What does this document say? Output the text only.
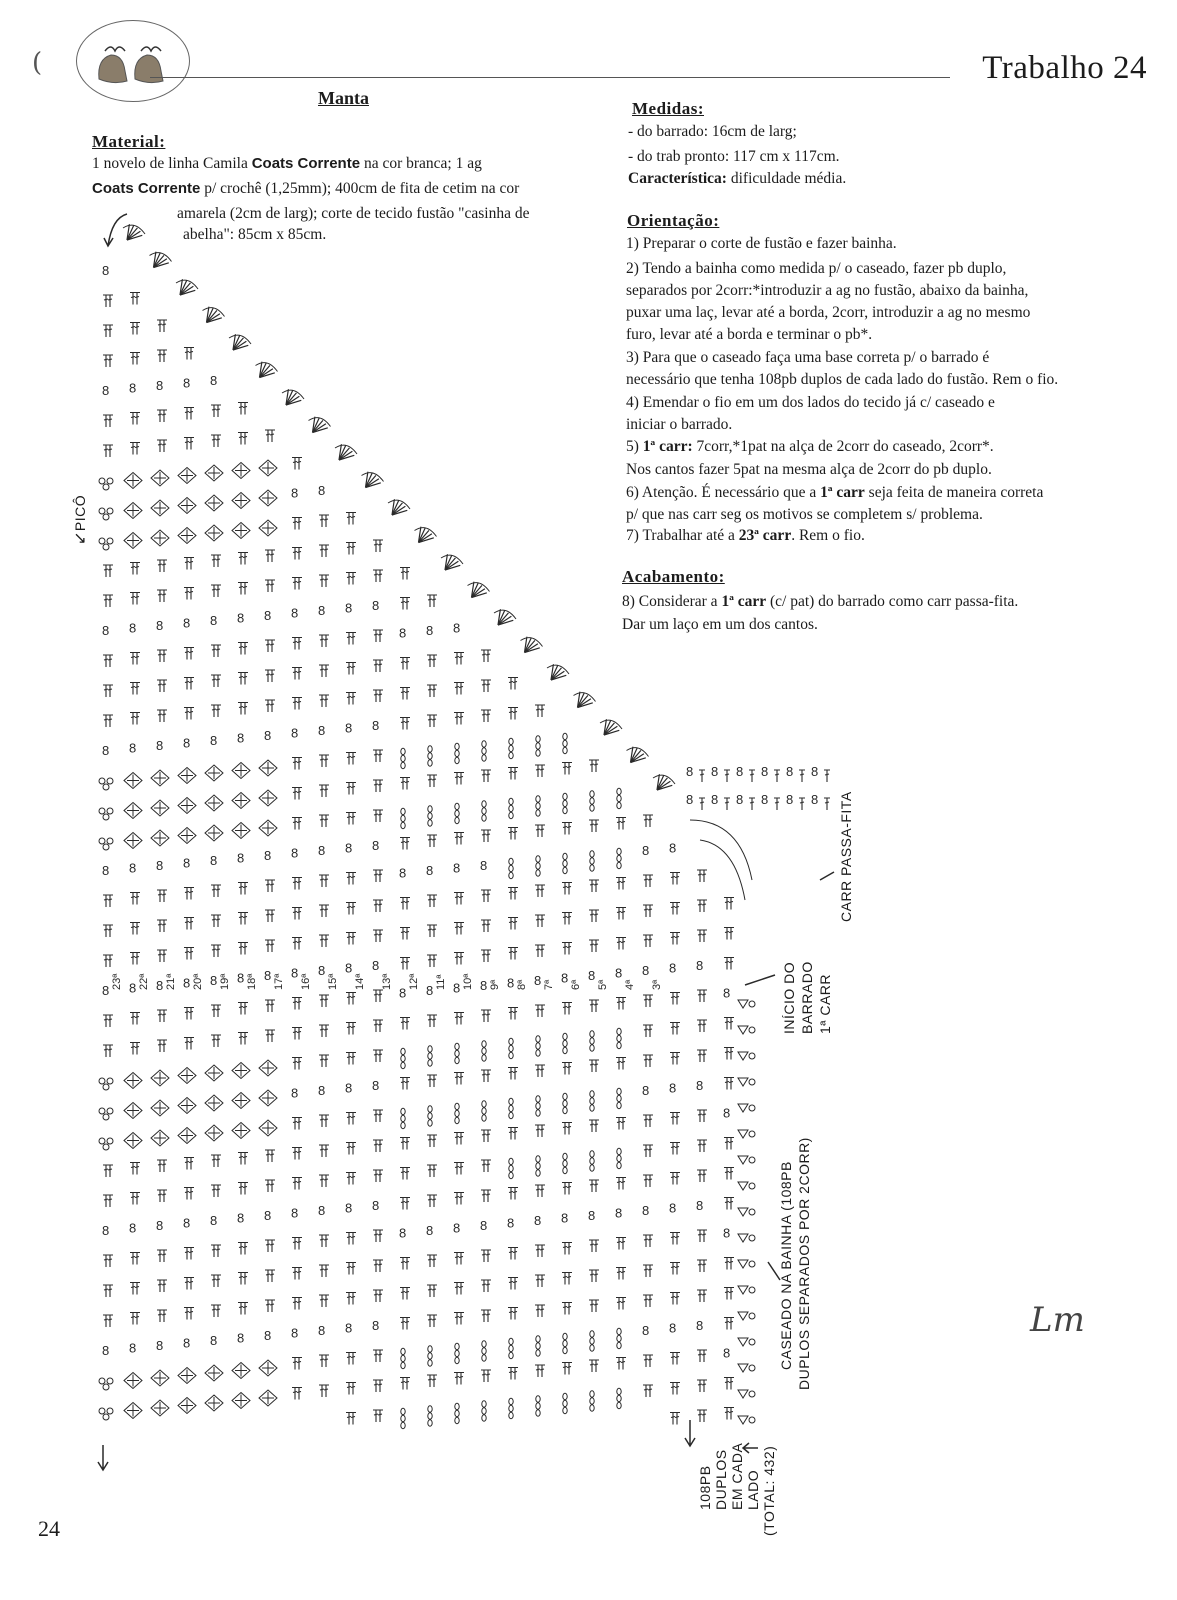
(	Trabalho 24
Manta
Material:
1 novelo de linha Camila Coats Corrente na cor branca; 1 ag
Coats Corrente p/ crochê (1,25mm); 400cm de fita de cetim na cor
amarela (2cm de larg); corte de tecido fustão "casinha de
abelha": 85cm x 85cm.
Medidas:
- do barrado: 16cm de larg;
- do trab pronto: 117 cm x 117cm.
Característica: dificuldade média.
Orientação:
1) Preparar o corte de fustão e fazer bainha.
2) Tendo a bainha como medida p/ o caseado, fazer pb duplo,
separados por 2corr:*introduzir a ag no fustão, abaixo da bainha,
puxar uma laç, levar até a borda, 2corr, introduzir a ag no mesmo
furo, levar até a borda e terminar o pb*.
3) Para que o caseado faça uma base correta p/ o barrado é
necessário que tenha 108pb duplos de cada lado do fustão. Rem o fio.
4) Emendar o fio em um dos lados do tecido já c/ caseado e
iniciar o barrado.
5) 1ª carr: 7corr,*1pat na alça de 2corr do caseado, 2corr*.
Nos cantos fazer 5pat na mesma alça de 2corr do pb duplo.
6) Atenção. É necessário que a 1ª carr seja feita de maneira correta
p/ que nas carr seg os motivos se completem s/ problema.
7) Trabalhar até a 23ª carr. Rem o fio.
Acabamento:
8) Considerar a 1ª carr (c/ pat) do barrado como carr passa-fita.
Dar um laço em um dos cantos.
8
8
8
8
8
8
8
8
8
8
8
8
8
8
8
8
8
8
8
8
8
8
8
8
8
8
8
8
8
8
8
8
8
8
8
8
8
8
8
8
8
8
8
8
8
8
8
8
8
8
8
8
8
8
8
8
8
8
8
8
8
8
8
8
8
8
8
8
8
8
8
8
8
8
8
8
8
8
8
8
8
8
8
8
8
8
8
8
8
8
8
8
8
8
8
8
8
8
8
8
8
8
8
8
8
8
8
8
8
8
8
8
8
8
8
8
8
8
8
8
8
23ª 22ª 21ª 20ª 19ª 18ª 17ª 16ª 15ª 14ª 13ª 12ª 11ª 10ª 9ª 8ª 7ª 6ª 5ª 4ª 3ª
8
8
8
8
8
8
8
8
8
8
8
8
↙PICÔ
CARR PASSA-FITA
INÍCIO DO BARRADO 1ª CARR
CASEADO NA BAINHA (108PB DUPLOS SEPARADOS POR 2CORR)
108PB DUPLOS EM CADA LADO (TOTAL: 432)
24
Lm
